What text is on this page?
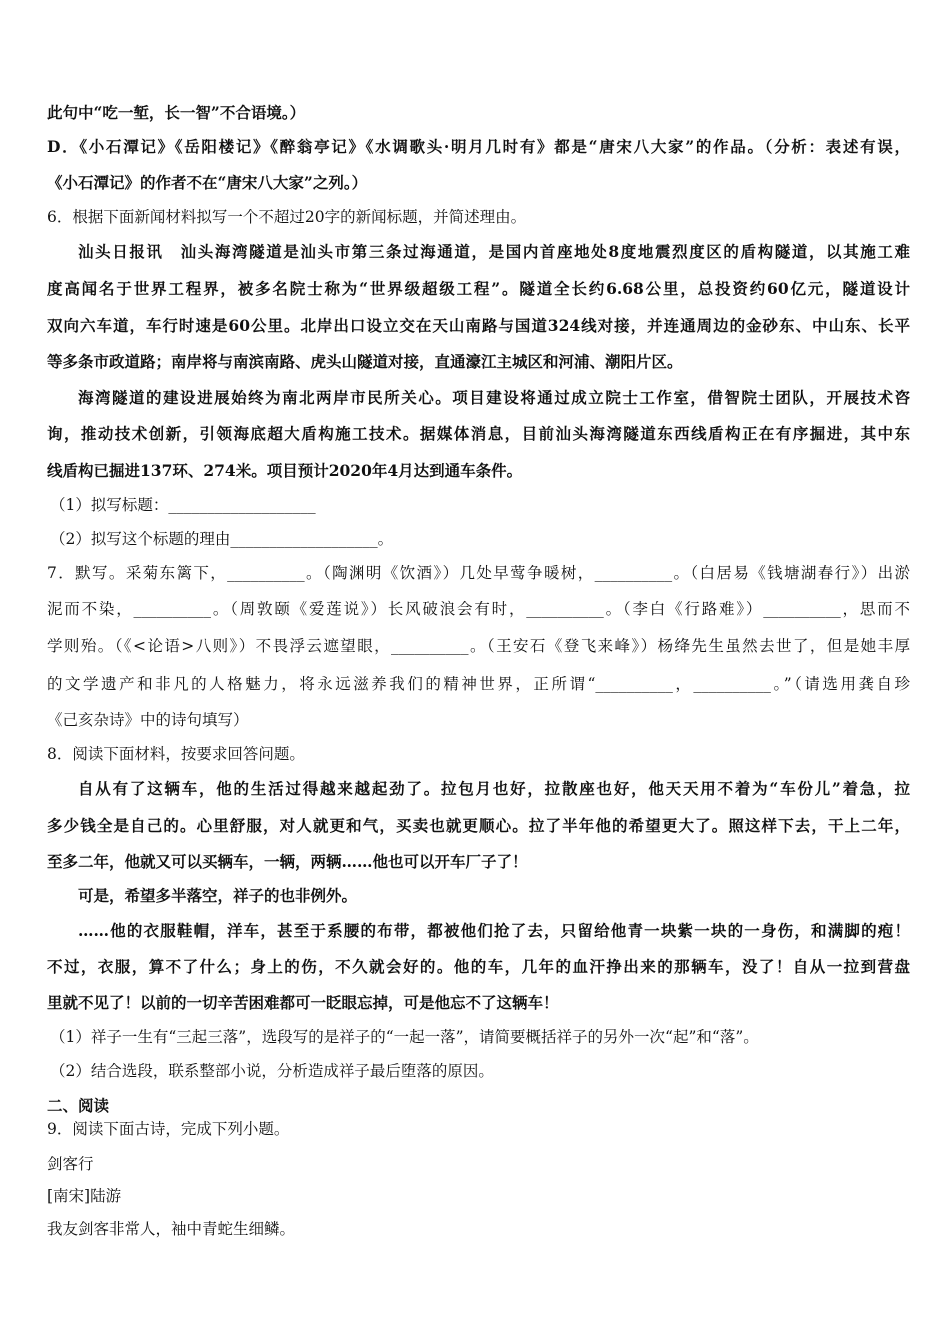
此句中“吃一堑，长一智”不合语境。）
D．《小石潭记》《岳阳楼记》《醉翁亭记》《水调歌头·明月几时有》都是“唐宋八大家”的作品。（分析：表述有误，
《小石潭记》的作者不在“唐宋八大家”之列。）
6．根据下面新闻材料拟写一个不超过20字的新闻标题，并简述理由。
汕头日报讯　汕头海湾隧道是汕头市第三条过海通道，是国内首座地处8度地震烈度区的盾构隧道，以其施工难
度高闻名于世界工程界，被多名院士称为“世界级超级工程”。隧道全长约6.68公里，总投资约60亿元，隧道设计
双向六车道，车行时速是60公里。北岸出口设立交在天山南路与国道324线对接，并连通周边的金砂东、中山东、长平
等多条市政道路；南岸将与南滨南路、虎头山隧道对接，直通濠江主城区和河浦、潮阳片区。
海湾隧道的建设进展始终为南北两岸市民所关心。项目建设将通过成立院士工作室，借智院士团队，开展技术咨
询，推动技术创新，引领海底超大盾构施工技术。据媒体消息，目前汕头海湾隧道东西线盾构正在有序掘进，其中东
线盾构已掘进137环、274米。项目预计2020年4月达到通车条件。
（1）拟写标题：___________________
（2）拟写这个标题的理由___________________。
7．默写。采菊东篱下，__________。（陶渊明《饮酒》）几处早莺争暖树，__________。（白居易《钱塘湖春行》）出淤
泥而不染，__________。（周敦颐《爱莲说》）长风破浪会有时，__________。（李白《行路难》）__________，思而不
学则殆。（《<论语>八则》）不畏浮云遮望眼，__________。（王安石《登飞来峰》）杨绛先生虽然去世了，但是她丰厚
的文学遗产和非凡的人格魅力，将永远滋养我们的精神世界，正所谓“__________，__________。”（请选用龚自珍
《己亥杂诗》中的诗句填写）
8．阅读下面材料，按要求回答问题。
自从有了这辆车，他的生活过得越来越起劲了。拉包月也好，拉散座也好，他天天用不着为“车份儿”着急，拉
多少钱全是自己的。心里舒服，对人就更和气，买卖也就更顺心。拉了半年他的希望更大了。照这样下去，干上二年，
至多二年，他就又可以买辆车，一辆，两辆……他也可以开车厂子了！
可是，希望多半落空，祥子的也非例外。
……他的衣服鞋帽，洋车，甚至于系腰的布带，都被他们抢了去，只留给他青一块紫一块的一身伤，和满脚的疱！
不过，衣服，算不了什么；身上的伤，不久就会好的。他的车，几年的血汗挣出来的那辆车，没了！自从一拉到营盘
里就不见了！以前的一切辛苦困难都可一眨眼忘掉，可是他忘不了这辆车！
（1）祥子一生有“三起三落”，选段写的是祥子的“一起一落”，请简要概括祥子的另外一次“起”和“落”。
（2）结合选段，联系整部小说，分析造成祥子最后堕落的原因。
二、阅读
9．阅读下面古诗，完成下列小题。
剑客行
[南宋]陆游
我友剑客非常人，袖中青蛇生细鳞。
